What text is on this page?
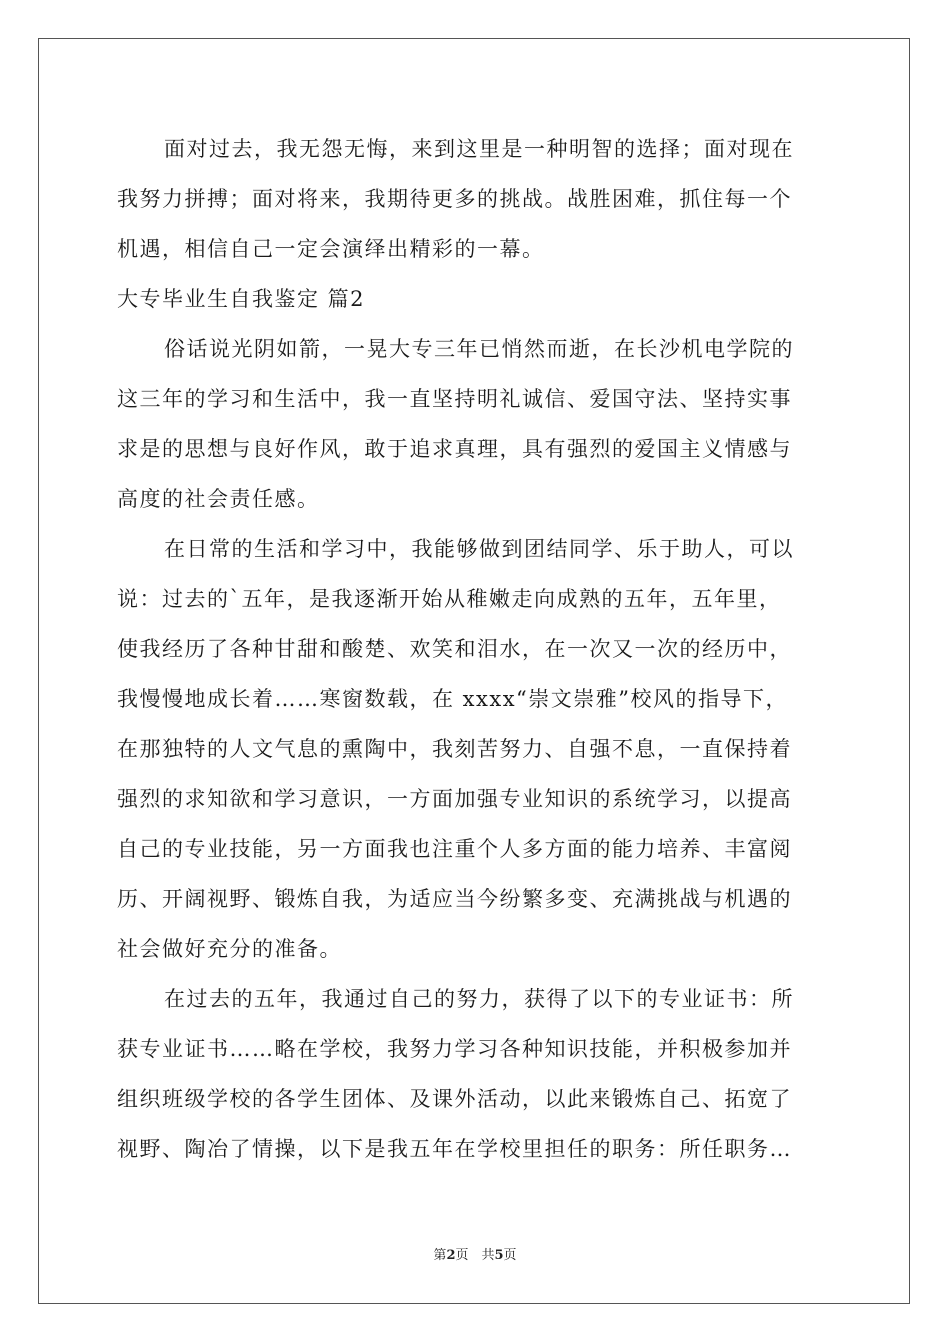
面对过去，我无怨无悔，来到这里是一种明智的选择；面对现在
我努力拼搏；面对将来，我期待更多的挑战。战胜困难，抓住每一个
机遇，相信自己一定会演绎出精彩的一幕。
大专毕业生自我鉴定 篇2
俗话说光阴如箭，一晃大专三年已悄然而逝，在长沙机电学院的
这三年的学习和生活中，我一直坚持明礼诚信、爱国守法、坚持实事
求是的思想与良好作风，敢于追求真理，具有强烈的爱国主义情感与
高度的社会责任感。
在日常的生活和学习中，我能够做到团结同学、乐于助人，可以
说：过去的`五年，是我逐渐开始从稚嫩走向成熟的五年，五年里，
使我经历了各种甘甜和酸楚、欢笑和泪水，在一次又一次的经历中，
我慢慢地成长着……寒窗数载，在 xxxx“崇文崇雅”校风的指导下，
在那独特的人文气息的熏陶中，我刻苦努力、自强不息，一直保持着
强烈的求知欲和学习意识，一方面加强专业知识的系统学习，以提高
自己的专业技能，另一方面我也注重个人多方面的能力培养、丰富阅
历、开阔视野、锻炼自我，为适应当今纷繁多变、充满挑战与机遇的
社会做好充分的准备。
在过去的五年，我通过自己的努力，获得了以下的专业证书：所
获专业证书……略在学校，我努力学习各种知识技能，并积极参加并
组织班级学校的各学生团体、及课外活动，以此来锻炼自己、拓宽了
视野、陶冶了情操，以下是我五年在学校里担任的职务：所任职务…
第2页　共5页
